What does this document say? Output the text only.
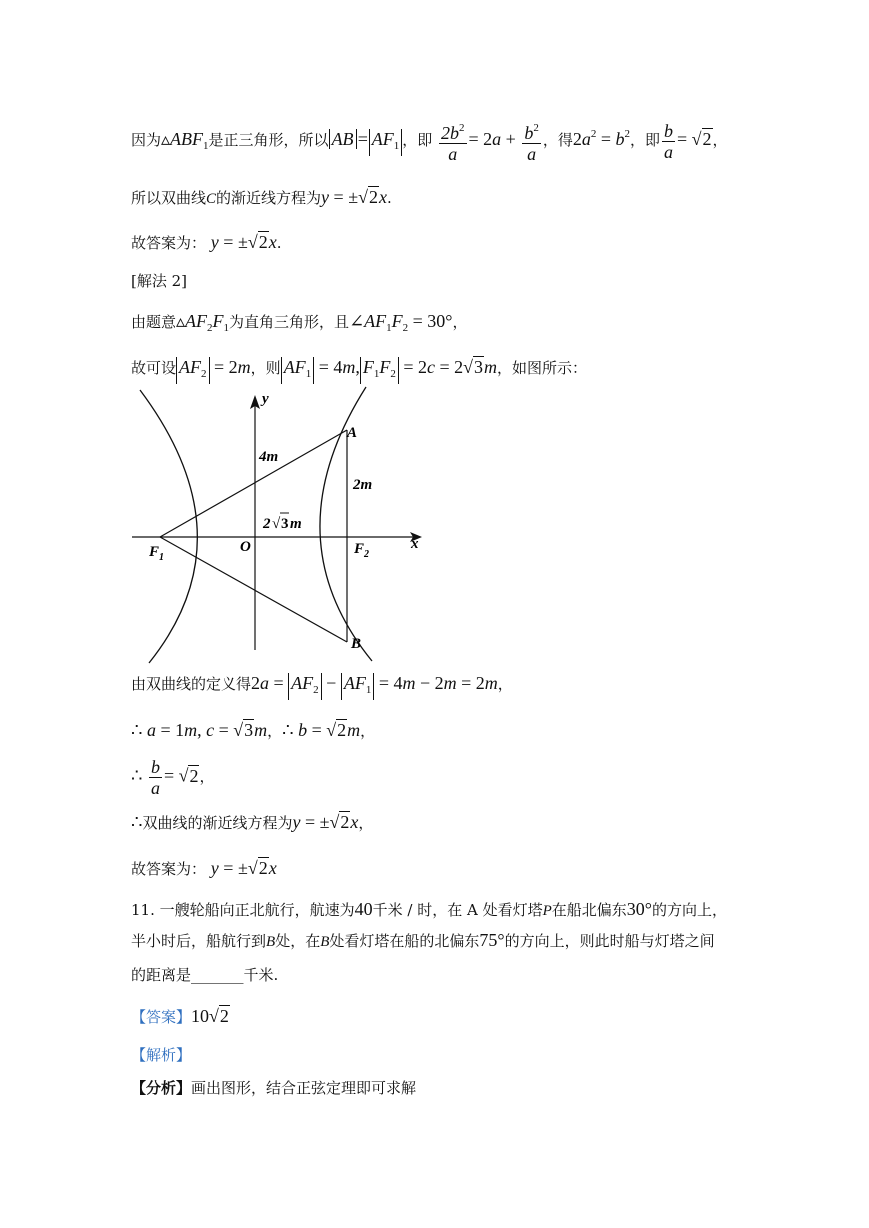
因为$▵ABF_1$是正三角形，所以 AB = $AF_1$ ，即 $\frac{2b^2}{a} = 2a + \frac{b^2}{a}$ ，得$2a^2 = b^2$，即 $\frac{b}{a} = √2$，
所以双曲线C的渐近线方程为y = ±√2x.
故答案为： y = ±√2x.
[解法 2]
由题意$▵AF_2F_1$为直角三角形，且$\angle AF_1F_2 = 30^\circ$，
故可设 $AF_2 = 2m$，则 $AF_1 = 4m$, $F_1F_2 = 2c = 2√3m$，如图所示：
y
x
O
A
B
$F_1$
$F_2$
4m
2m
2 √ 3 m
由双曲线的定义得$2a = AF_2 - AF_1 = 4m - 2m = 2m$，
∴ a = 1m, c = √3m，∴ b = √2m，
∴ $\frac{b}{a} = √2$，
∴双曲线的渐近线方程为y = ±√2x，
故答案为： y = ±√2x
11. 一艘轮船向正北航行，航速为40千米 / 时，在 A 处看灯塔P在船北偏东30°的方向上，
半小时后，船航行到B处，在B处看灯塔在船的北偏东75°的方向上，则此时船与灯塔之间
的距离是_______千米.
【答案】10√2
【解析】
【分析】画出图形，结合正弦定理即可求解
